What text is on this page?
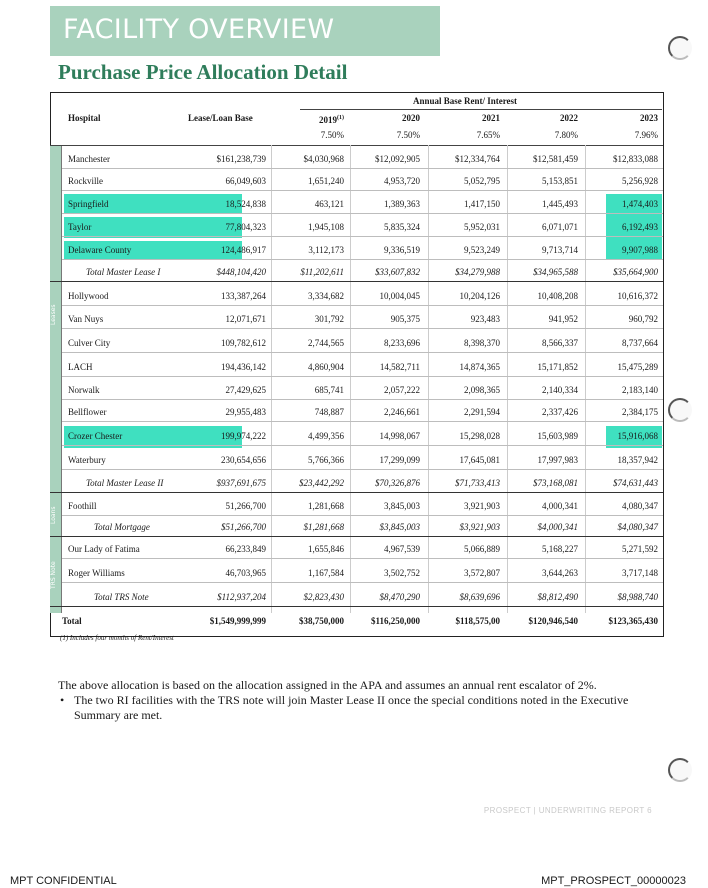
FACILITY OVERVIEW
Purchase Price Allocation Detail
Leases
Loans
TRS Note
Annual Base Rent/ Interest
Hospital	Lease/Loan Base	2019$^{(1)}$	2020	2021	2022	2023
7.50%	7.50%	7.65%	7.80%	7.96%
Manchester	$161,238,739	$4,030,968	$12,092,905	$12,334,764	$12,581,459	$12,833,088
Rockville	66,049,603	1,651,240	4,953,720	5,052,795	5,153,851	5,256,928
Springfield	18,524,838	463,121	1,389,363	1,417,150	1,445,493	1,474,403
Taylor	77,804,323	1,945,108	5,835,324	5,952,031	6,071,071	6,192,493
Delaware County	124,486,917	3,112,173	9,336,519	9,523,249	9,713,714	9,907,988
Total Master Lease I	$448,104,420	$11,202,611	$33,607,832	$34,279,988	$34,965,588	$35,664,900
Hollywood	133,387,264	3,334,682	10,004,045	10,204,126	10,408,208	10,616,372
Van Nuys	12,071,671	301,792	905,375	923,483	941,952	960,792
Culver City	109,782,612	2,744,565	8,233,696	8,398,370	8,566,337	8,737,664
LACH	194,436,142	4,860,904	14,582,711	14,874,365	15,171,852	15,475,289
Norwalk	27,429,625	685,741	2,057,222	2,098,365	2,140,334	2,183,140
Bellflower	29,955,483	748,887	2,246,661	2,291,594	2,337,426	2,384,175
Crozer Chester	199,974,222	4,499,356	14,998,067	15,298,028	15,603,989	15,916,068
Waterbury	230,654,656	5,766,366	17,299,099	17,645,081	17,997,983	18,357,942
Total Master Lease II	$937,691,675	$23,442,292	$70,326,876	$71,733,413	$73,168,081	$74,631,443
Foothill	51,266,700	1,281,668	3,845,003	3,921,903	4,000,341	4,080,347
Total Mortgage	$51,266,700	$1,281,668	$3,845,003	$3,921,903	$4,000,341	$4,080,347
Our Lady of Fatima	66,233,849	1,655,846	4,967,539	5,066,889	5,168,227	5,271,592
Roger Williams	46,703,965	1,167,584	3,502,752	3,572,807	3,644,263	3,717,148
Total TRS Note	$112,937,204	$2,823,430	$8,470,290	$8,639,696	$8,812,490	$8,988,740
Total	$1,549,999,999	$38,750,000	$116,250,000	$118,575,00	$120,946,540	$123,365,430
(1) Includes four months of Rent/Interest
The above allocation is based on the allocation assigned in the APA and assumes an annual rent escalator of 2%.
• The two RI facilities with the TRS note will join Master Lease II once the special conditions noted in the Executive Summary are met.
PROSPECT | UNDERWRITING REPORT 6
MPT CONFIDENTIAL	MPT_PROSPECT_00000023
